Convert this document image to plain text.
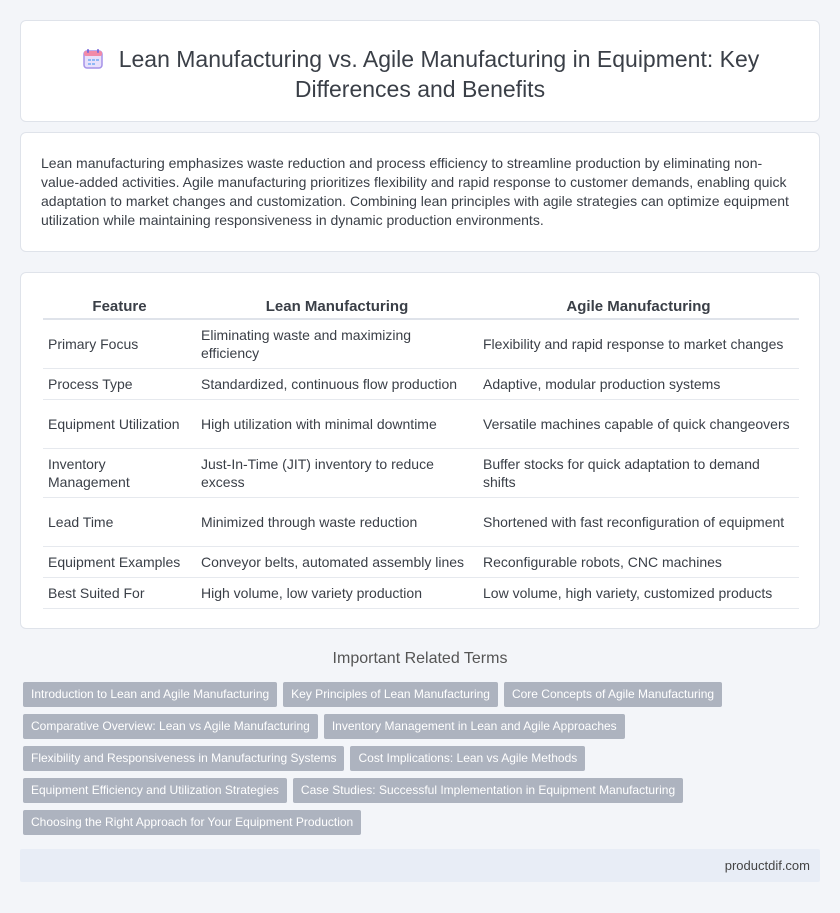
Lean Manufacturing vs. Agile Manufacturing in Equipment: Key Differences and Benefits

Lean manufacturing emphasizes waste reduction and process efficiency to streamline production by eliminating non-value-added activities. Agile manufacturing prioritizes flexibility and rapid response to customer demands, enabling quick adaptation to market changes and customization. Combining lean principles with agile strategies can optimize equipment utilization while maintaining responsiveness in dynamic production environments.

Feature	Lean Manufacturing	Agile Manufacturing
Primary Focus	Eliminating waste and maximizing efficiency	Flexibility and rapid response to market changes
Process Type	Standardized, continuous flow production	Adaptive, modular production systems
Equipment Utilization	High utilization with minimal downtime	Versatile machines capable of quick changeovers
Inventory Management	Just-In-Time (JIT) inventory to reduce excess	Buffer stocks for quick adaptation to demand shifts
Lead Time	Minimized through waste reduction	Shortened with fast reconfiguration of equipment
Equipment Examples	Conveyor belts, automated assembly lines	Reconfigurable robots, CNC machines
Best Suited For	High volume, low variety production	Low volume, high variety, customized products
Important Related Terms
Introduction to Lean and Agile Manufacturing Key Principles of Lean Manufacturing Core Concepts of Agile Manufacturing
Comparative Overview: Lean vs Agile Manufacturing Inventory Management in Lean and Agile Approaches
Flexibility and Responsiveness in Manufacturing Systems Cost Implications: Lean vs Agile Methods
Equipment Efficiency and Utilization Strategies Case Studies: Successful Implementation in Equipment Manufacturing
Choosing the Right Approach for Your Equipment Production
productdif.com
